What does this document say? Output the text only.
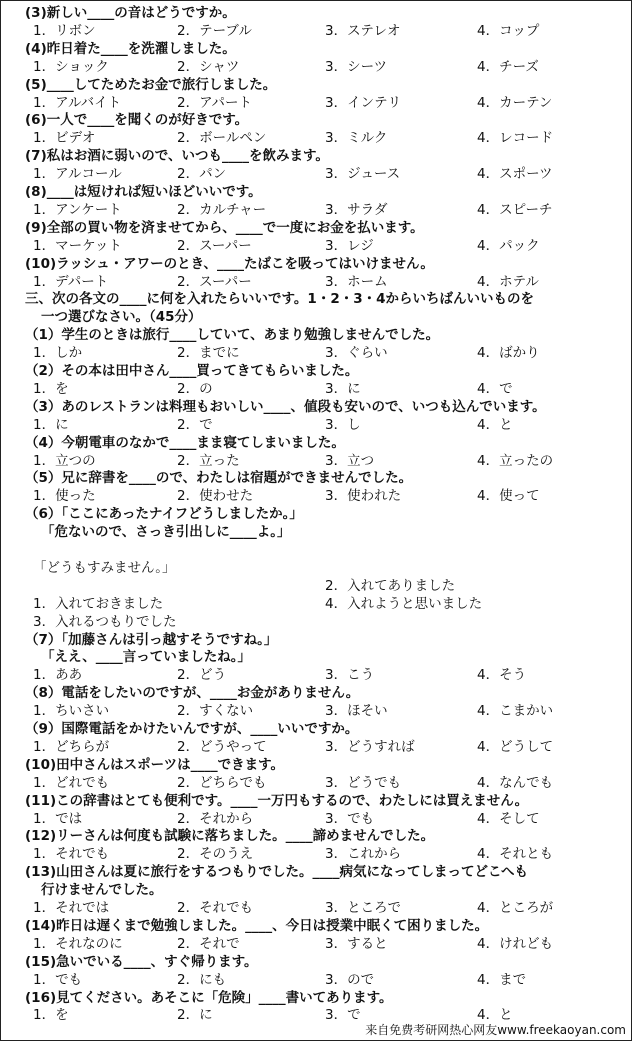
(3)新しい____の音はどうですか。
1．リボン	2．テーブル	3．ステレオ	4．コップ
(4)昨日着た____を洗濯しました。
1．ショック	2．シャツ	3．シーツ	4．チーズ
(5)____してためたお金で旅行しました。
1．アルバイト	2．アパート	3．インテリ	4．カーテン
(6)一人で____を聞くのが好きです。
1．ビデオ	2．ボールペン	3．ミルク	4．レコード
(7)私はお酒に弱いので、いつも____を飲みます。
1．アルコール	2．パン	3．ジュース	4．スポーツ
(8)____は短ければ短いほどいいです。
1．アンケート	2．カルチャー	3．サラダ	4．スピーチ
(9)全部の買い物を済ませてから、____で一度にお金を払います。
1．マーケット	2．スーパー	3．レジ	4．パック
(10)ラッシュ・アワーのとき、____たばこを吸ってはいけません。
1．デパート	2．スーパー	3．ホーム	4．ホテル
三、次の各文の____に何を入れたらいいです。1・2・3・4からいちばんいいものを
一つ選びなさい。（45分）
（1）学生のときは旅行____していて、あまり勉強しませんでした。
1．しか	2．までに	3．ぐらい	4．ばかり
（2）その本は田中さん____買ってきてもらいました。
1．を	2．の	3．に	4．で
（3）あのレストランは料理もおいしい____、値段も安いので、いつも込んでいます。
1．に	2．で	3．し	4．と
（4）今朝電車のなかで____まま寝てしまいました。
1．立つの	2．立った	3．立つ	4．立ったの
（5）兄に辞書を____ので、わたしは宿題ができませんでした。
1．使った	2．使わせた	3．使われた	4．使って
（6）「ここにあったナイフどうしましたか。」
「危ないので、さっき引出しに____よ。」
「どうもすみません。」
2．入れてありました
1．入れておきました	4．入れようと思いました
3．入れるつもりでした
（7）「加藤さんは引っ越すそうですね。」
「ええ、____言っていましたね。」
1．ああ	2．どう	3．こう	4．そう
（8）電話をしたいのですが、____お金がありません。
1．ちいさい	2．すくない	3．ほそい	4．こまかい
（9）国際電話をかけたいんですが、____いいですか。
1．どちらが	2．どうやって	3．どうすれば	4．どうして
(10)田中さんはスポーツは____できます。
1．どれでも	2．どちらでも	3．どうでも	4．なんでも
(11)この辞書はとても便利です。____一万円もするので、わたしには買えません。
1．では	2．それから	3．でも	4．そして
(12)リーさんは何度も試験に落ちました。____諦めませんでした。
1．それでも	2．そのうえ	3．これから	4．それとも
(13)山田さんは夏に旅行をするつもりでした。____病気になってしまってどこへも
行けませんでした。
1．それでは	2．それでも	3．ところで	4．ところが
(14)昨日は遅くまで勉強しました。____、今日は授業中眠くて困りました。
1．それなのに	2．それで	3．すると	4．けれども
(15)急いでいる____、すぐ帰ります。
1．でも	2．にも	3．ので	4．まで
(16)見てください。あそこに「危険」____書いてあります。
1．を	2．に	3．で	4．と
来自免费考研网热心网友www.freekaoyan.com
